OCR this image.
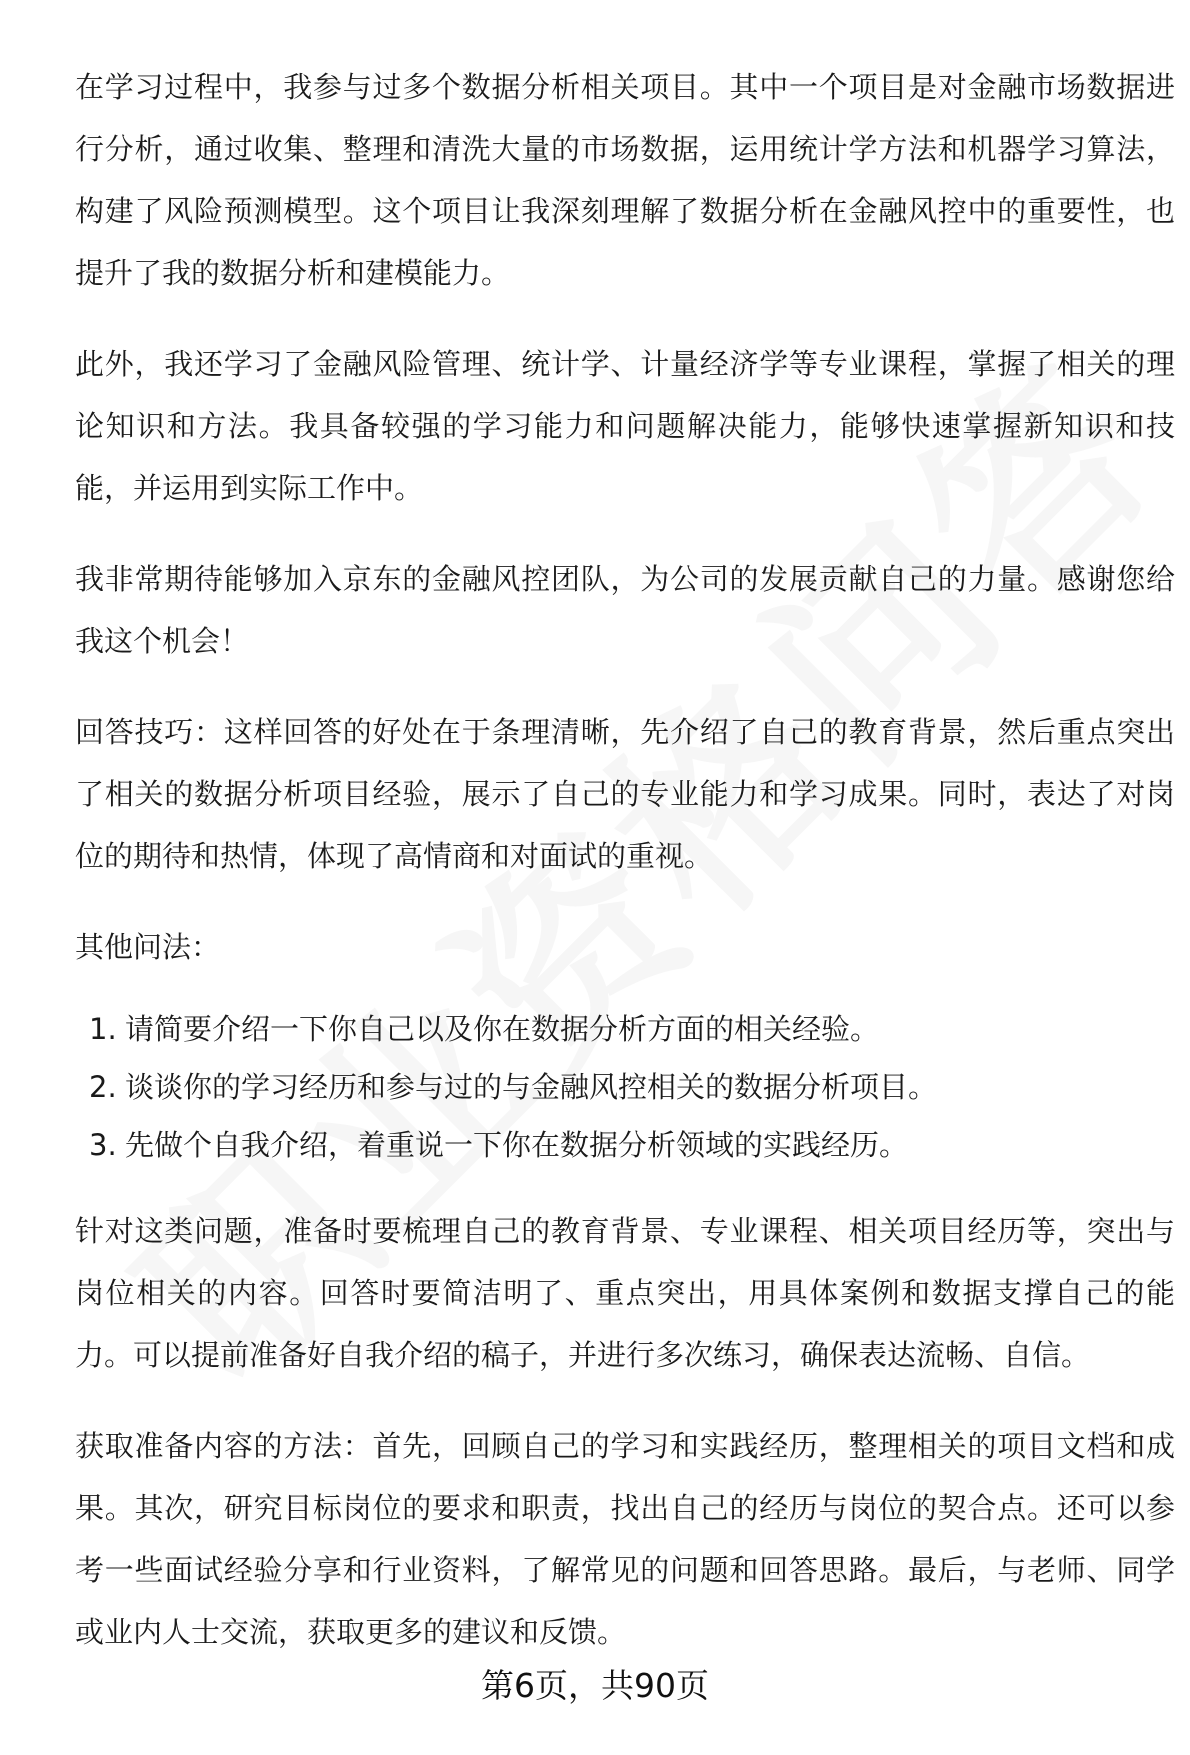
在学习过程中，我参与过多个数据分析相关项目。其中一个项目是对金融市场数据进行分析，通过收集、整理和清洗大量的市场数据，运用统计学方法和机器学习算法，构建了风险预测模型。这个项目让我深刻理解了数据分析在金融风控中的重要性，也提升了我的数据分析和建模能力。

此外，我还学习了金融风险管理、统计学、计量经济学等专业课程，掌握了相关的理论知识和方法。我具备较强的学习能力和问题解决能力，能够快速掌握新知识和技能，并运用到实际工作中。

我非常期待能够加入京东的金融风控团队，为公司的发展贡献自己的力量。感谢您给我这个机会！

回答技巧：这样回答的好处在于条理清晰，先介绍了自己的教育背景，然后重点突出了相关的数据分析项目经验，展示了自己的专业能力和学习成果。同时，表达了对岗位的期待和热情，体现了高情商和对面试的重视。

其他问法：

1. 请简要介绍一下你自己以及你在数据分析方面的相关经验。
2. 谈谈你的学习经历和参与过的与金融风控相关的数据分析项目。
3. 先做个自我介绍，着重说一下你在数据分析领域的实践经历。

针对这类问题，准备时要梳理自己的教育背景、专业课程、相关项目经历等，突出与岗位相关的内容。回答时要简洁明了、重点突出，用具体案例和数据支撑自己的能力。可以提前准备好自我介绍的稿子，并进行多次练习，确保表达流畅、自信。

获取准备内容的方法：首先，回顾自己的学习和实践经历，整理相关的项目文档和成果。其次，研究目标岗位的要求和职责，找出自己的经历与岗位的契合点。还可以参考一些面试经验分享和行业资料，了解常见的问题和回答思路。最后，与老师、同学或业内人士交流，获取更多的建议和反馈。

第6页，共90页
